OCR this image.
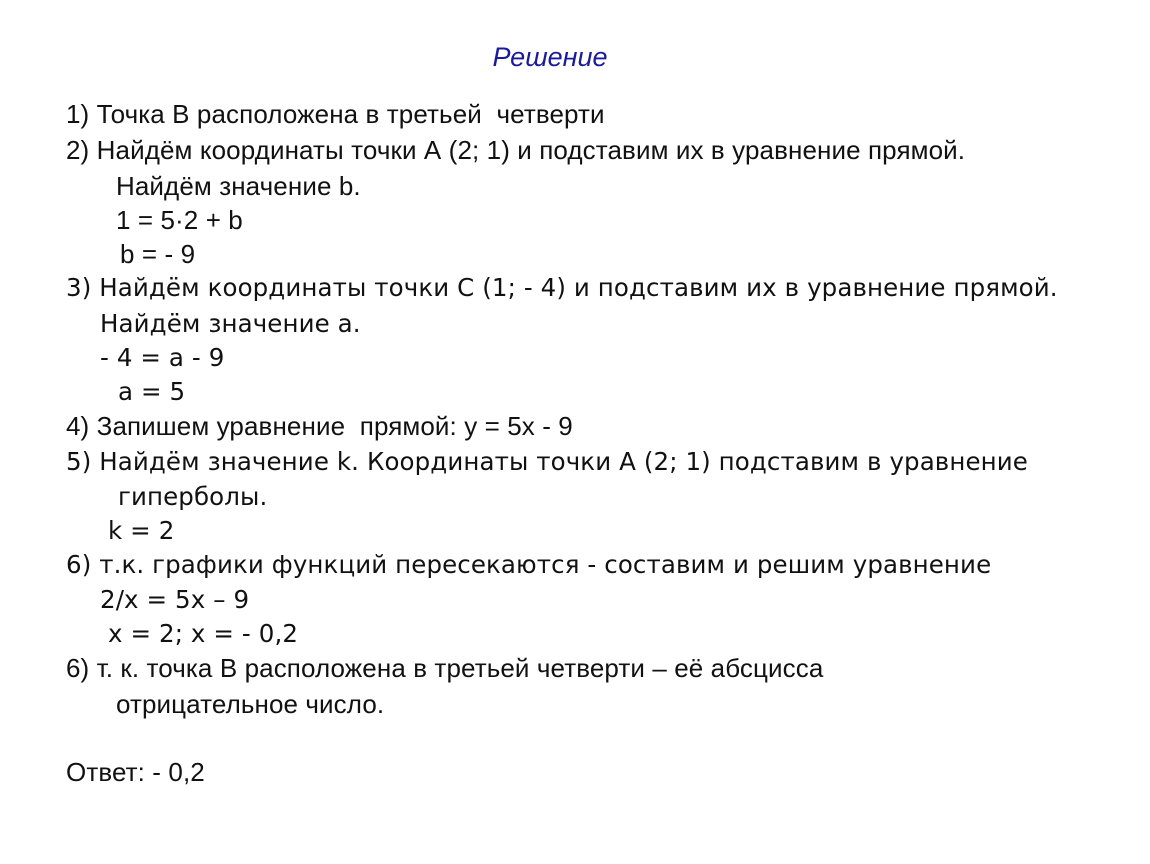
Решение
1) Точка В расположена в третьей  четверти
2) Найдём координаты точки А (2; 1) и подставим их в уравнение прямой.
Найдём значение b.
1 = 5·2 + b
b = - 9
3) Найдём координаты точки С (1; - 4) и подставим их в уравнение прямой.
Найдём значение а.
- 4 = а - 9
а = 5
4) Запишем уравнение  прямой: у = 5х - 9
5) Найдём значение k. Координаты точки А (2; 1) подставим в уравнение
гиперболы.
k = 2
6) т.к. графики функций пересекаются - составим и решим уравнение
2/х = 5х – 9
х = 2; х = - 0,2
6) т. к. точка В расположена в третьей четверти – её абсцисса
отрицательное число.
Ответ: - 0,2
